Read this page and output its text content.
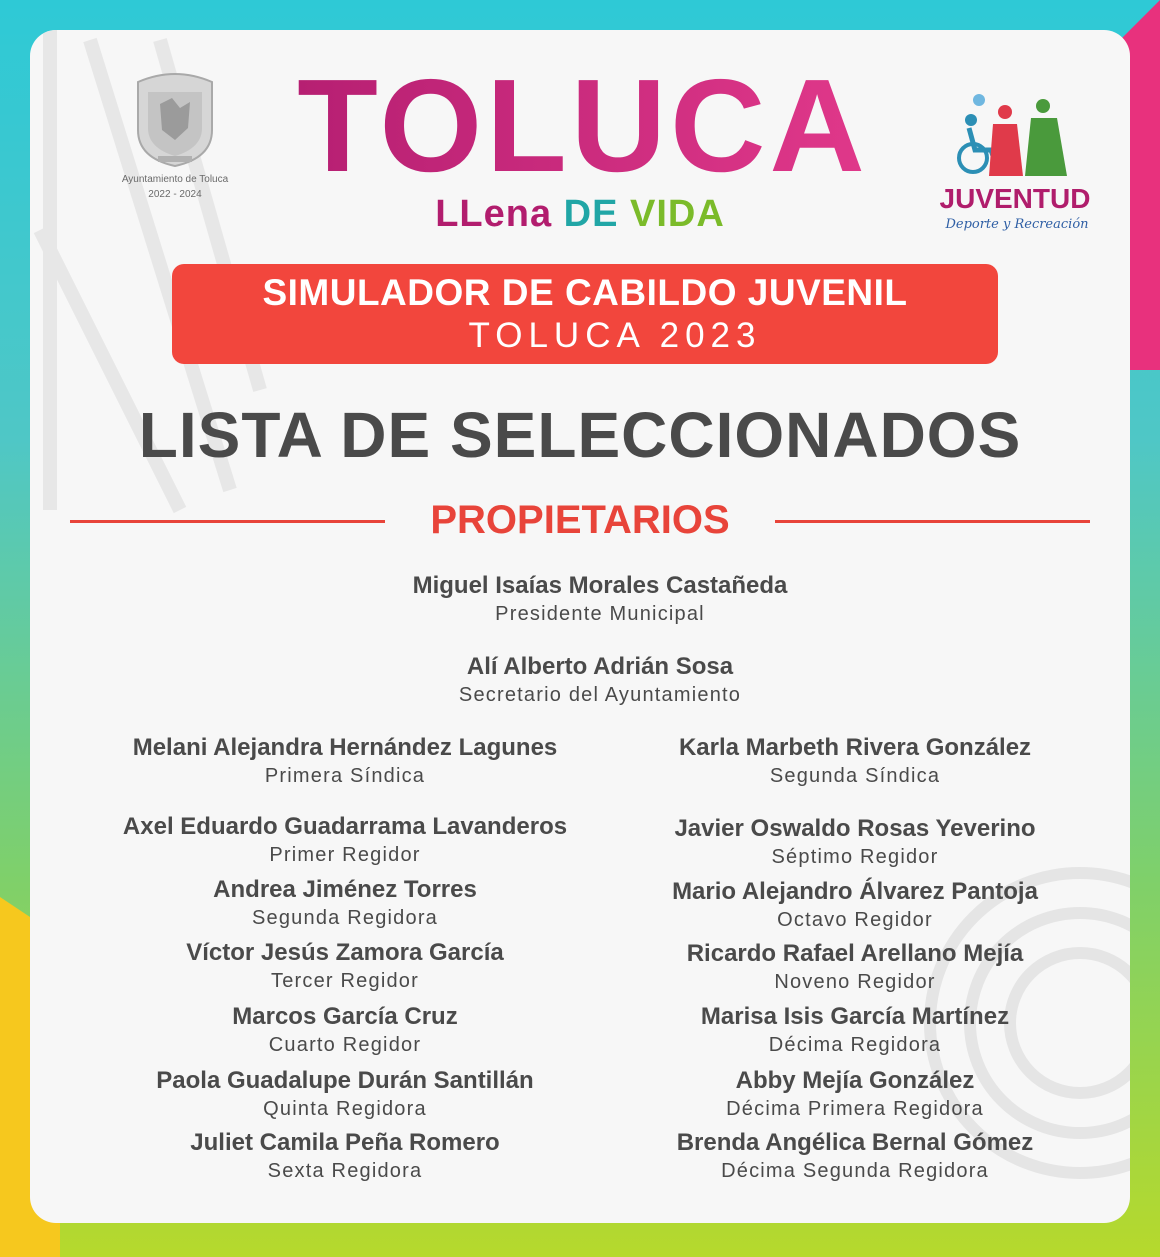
Ayuntamiento de Toluca
2022 - 2024 TOLUCA
LLena DE VIDA	JUVENTUD
Deporte y Recreación
SIMULADOR DE CABILDO JUVENIL
TOLUCA 2023
LISTA DE SELECCIONADOS
PROPIETARIOS
Miguel Isaías Morales Castañeda
Presidente Municipal
Alí Alberto Adrián Sosa
Secretario del Ayuntamiento
Melani Alejandra Hernández Lagunes
Primera Síndica
Axel Eduardo Guadarrama Lavanderos
Primer Regidor
Andrea Jiménez Torres
Segunda Regidora
Víctor Jesús Zamora García
Tercer Regidor
Marcos García Cruz
Cuarto Regidor
Paola Guadalupe Durán Santillán
Quinta Regidora
Juliet Camila Peña Romero
Sexta Regidora
Karla Marbeth Rivera González
Segunda Síndica
Javier Oswaldo Rosas Yeverino
Séptimo Regidor
Mario Alejandro Álvarez Pantoja
Octavo Regidor
Ricardo Rafael Arellano Mejía
Noveno Regidor
Marisa Isis García Martínez
Décima Regidora
Abby Mejía González
Décima Primera Regidora
Brenda Angélica Bernal Gómez
Décima Segunda Regidora
